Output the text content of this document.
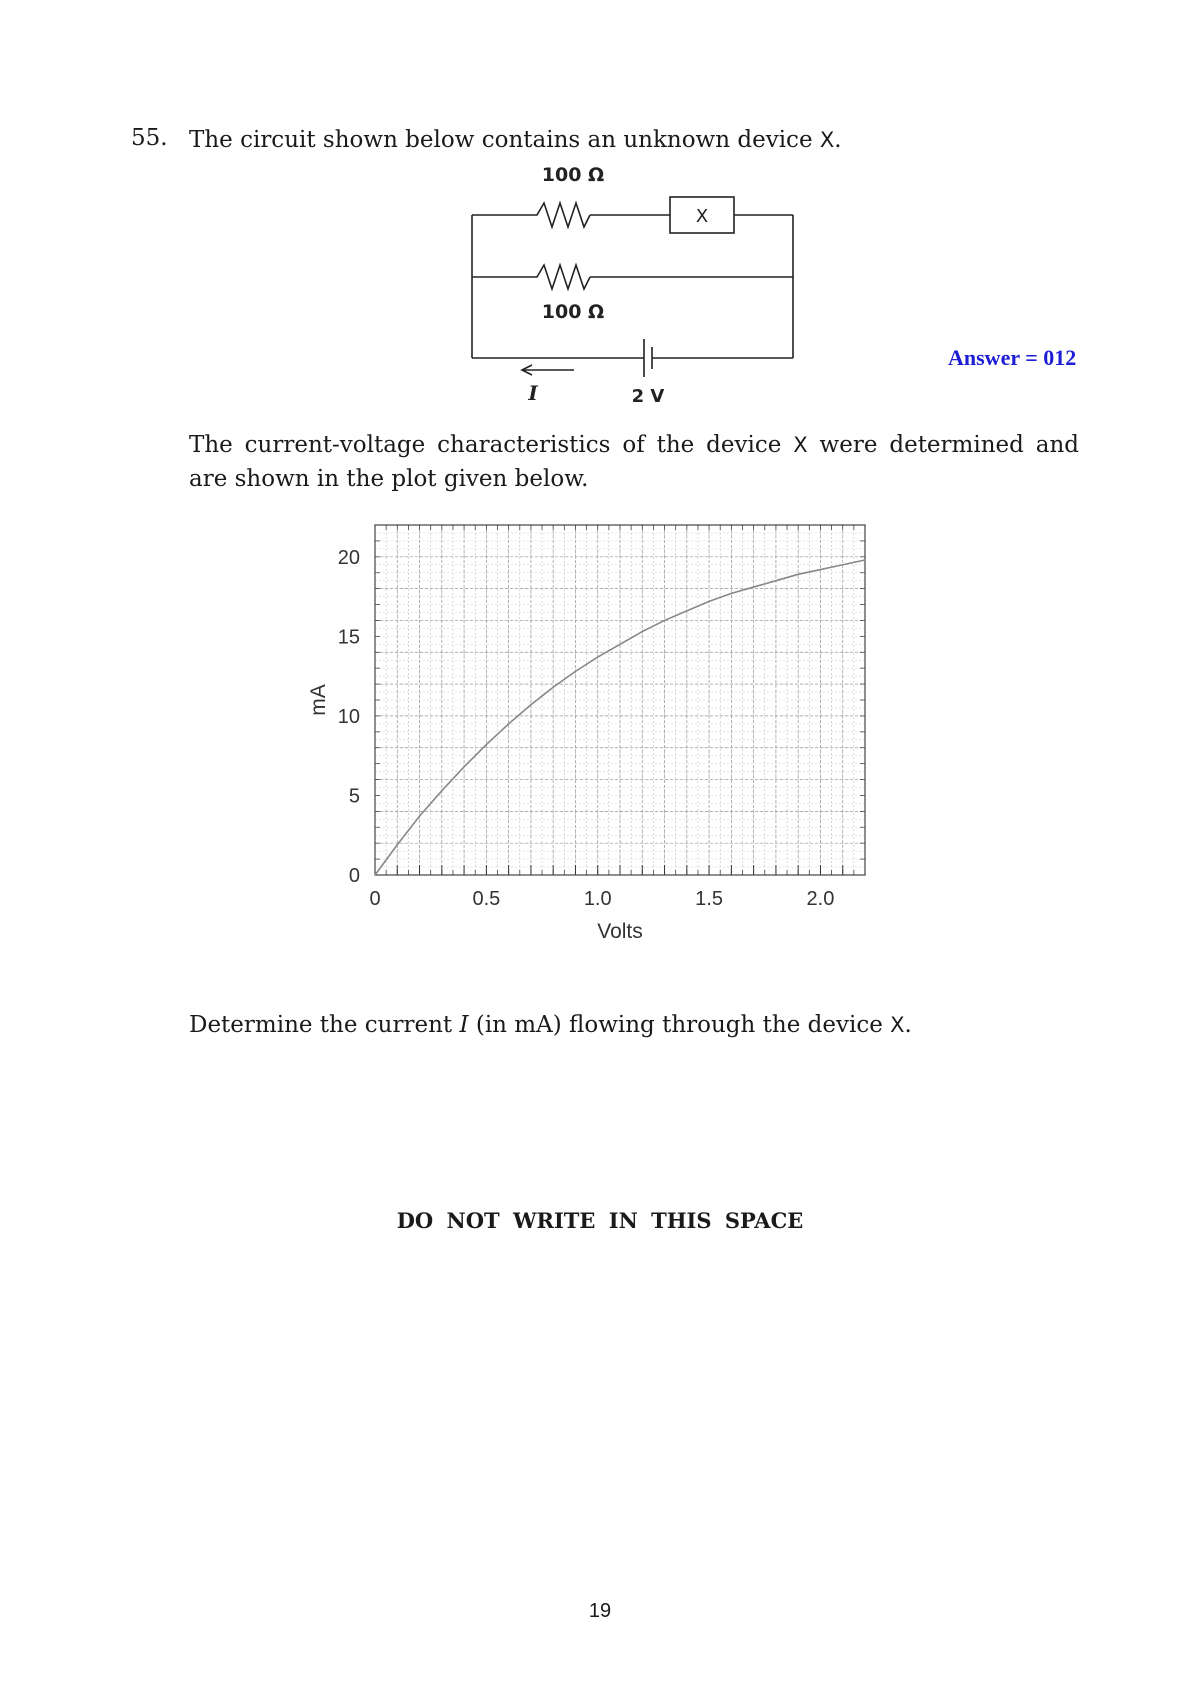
55. The circuit shown below contains an unknown device X.
100 Ω
X
100 Ω
I	2 V
Answer = 012
The current-voltage characteristics of the device X were determined and are shown in the plot given below.
0	0.5	1.0	1.5	2.0
0
5
10
15
20
Volts
mA
Determine the current I (in mA) flowing through the device X.
DO NOT WRITE IN THIS SPACE
19
